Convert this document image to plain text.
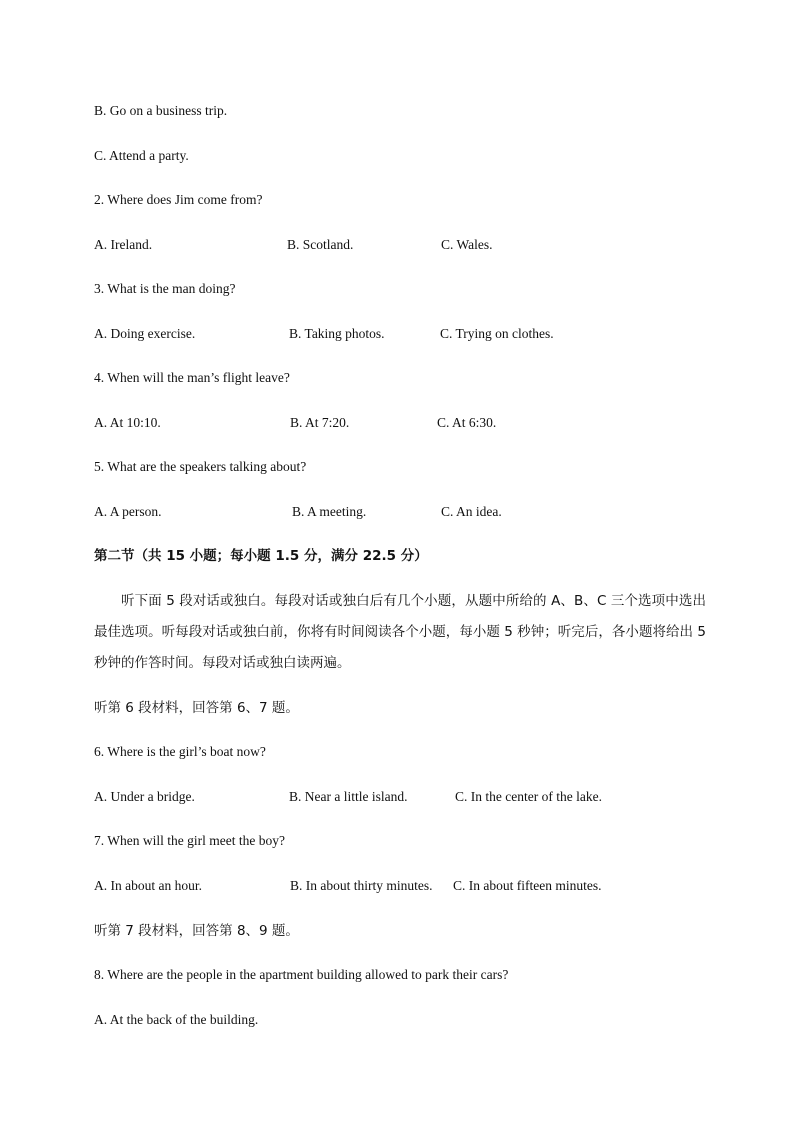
B. Go on a business trip.
C. Attend a party.
2. Where does Jim come from?
A. Ireland.	B. Scotland.	C. Wales.
3. What is the man doing?
A. Doing exercise.	B. Taking photos.	C. Trying on clothes.
4. When will the man’s flight leave?
A. At 10:10.	B. At 7:20.	C. At 6:30.
5. What are the speakers talking about?
A. A person.	B. A meeting.	C. An idea.
第二节（共 15 小题；每小题 1.5 分，满分 22.5 分）
听下面 5 段对话或独白。每段对话或独白后有几个小题，从题中所给的 A、B、C 三个选项中选出最佳选项。听每段对话或独白前，你将有时间阅读各个小题，每小题 5 秒钟；听完后，各小题将给出 5 秒钟的作答时间。每段对话或独白读两遍。
听第 6 段材料，回答第 6、7 题。
6. Where is the girl’s boat now?
A. Under a bridge.	B. Near a little island.	C. In the center of the lake.
7. When will the girl meet the boy?
A. In about an hour.	B. In about thirty minutes. C. In about fifteen minutes.
听第 7 段材料，回答第 8、9 题。
8. Where are the people in the apartment building allowed to park their cars?
A. At the back of the building.
